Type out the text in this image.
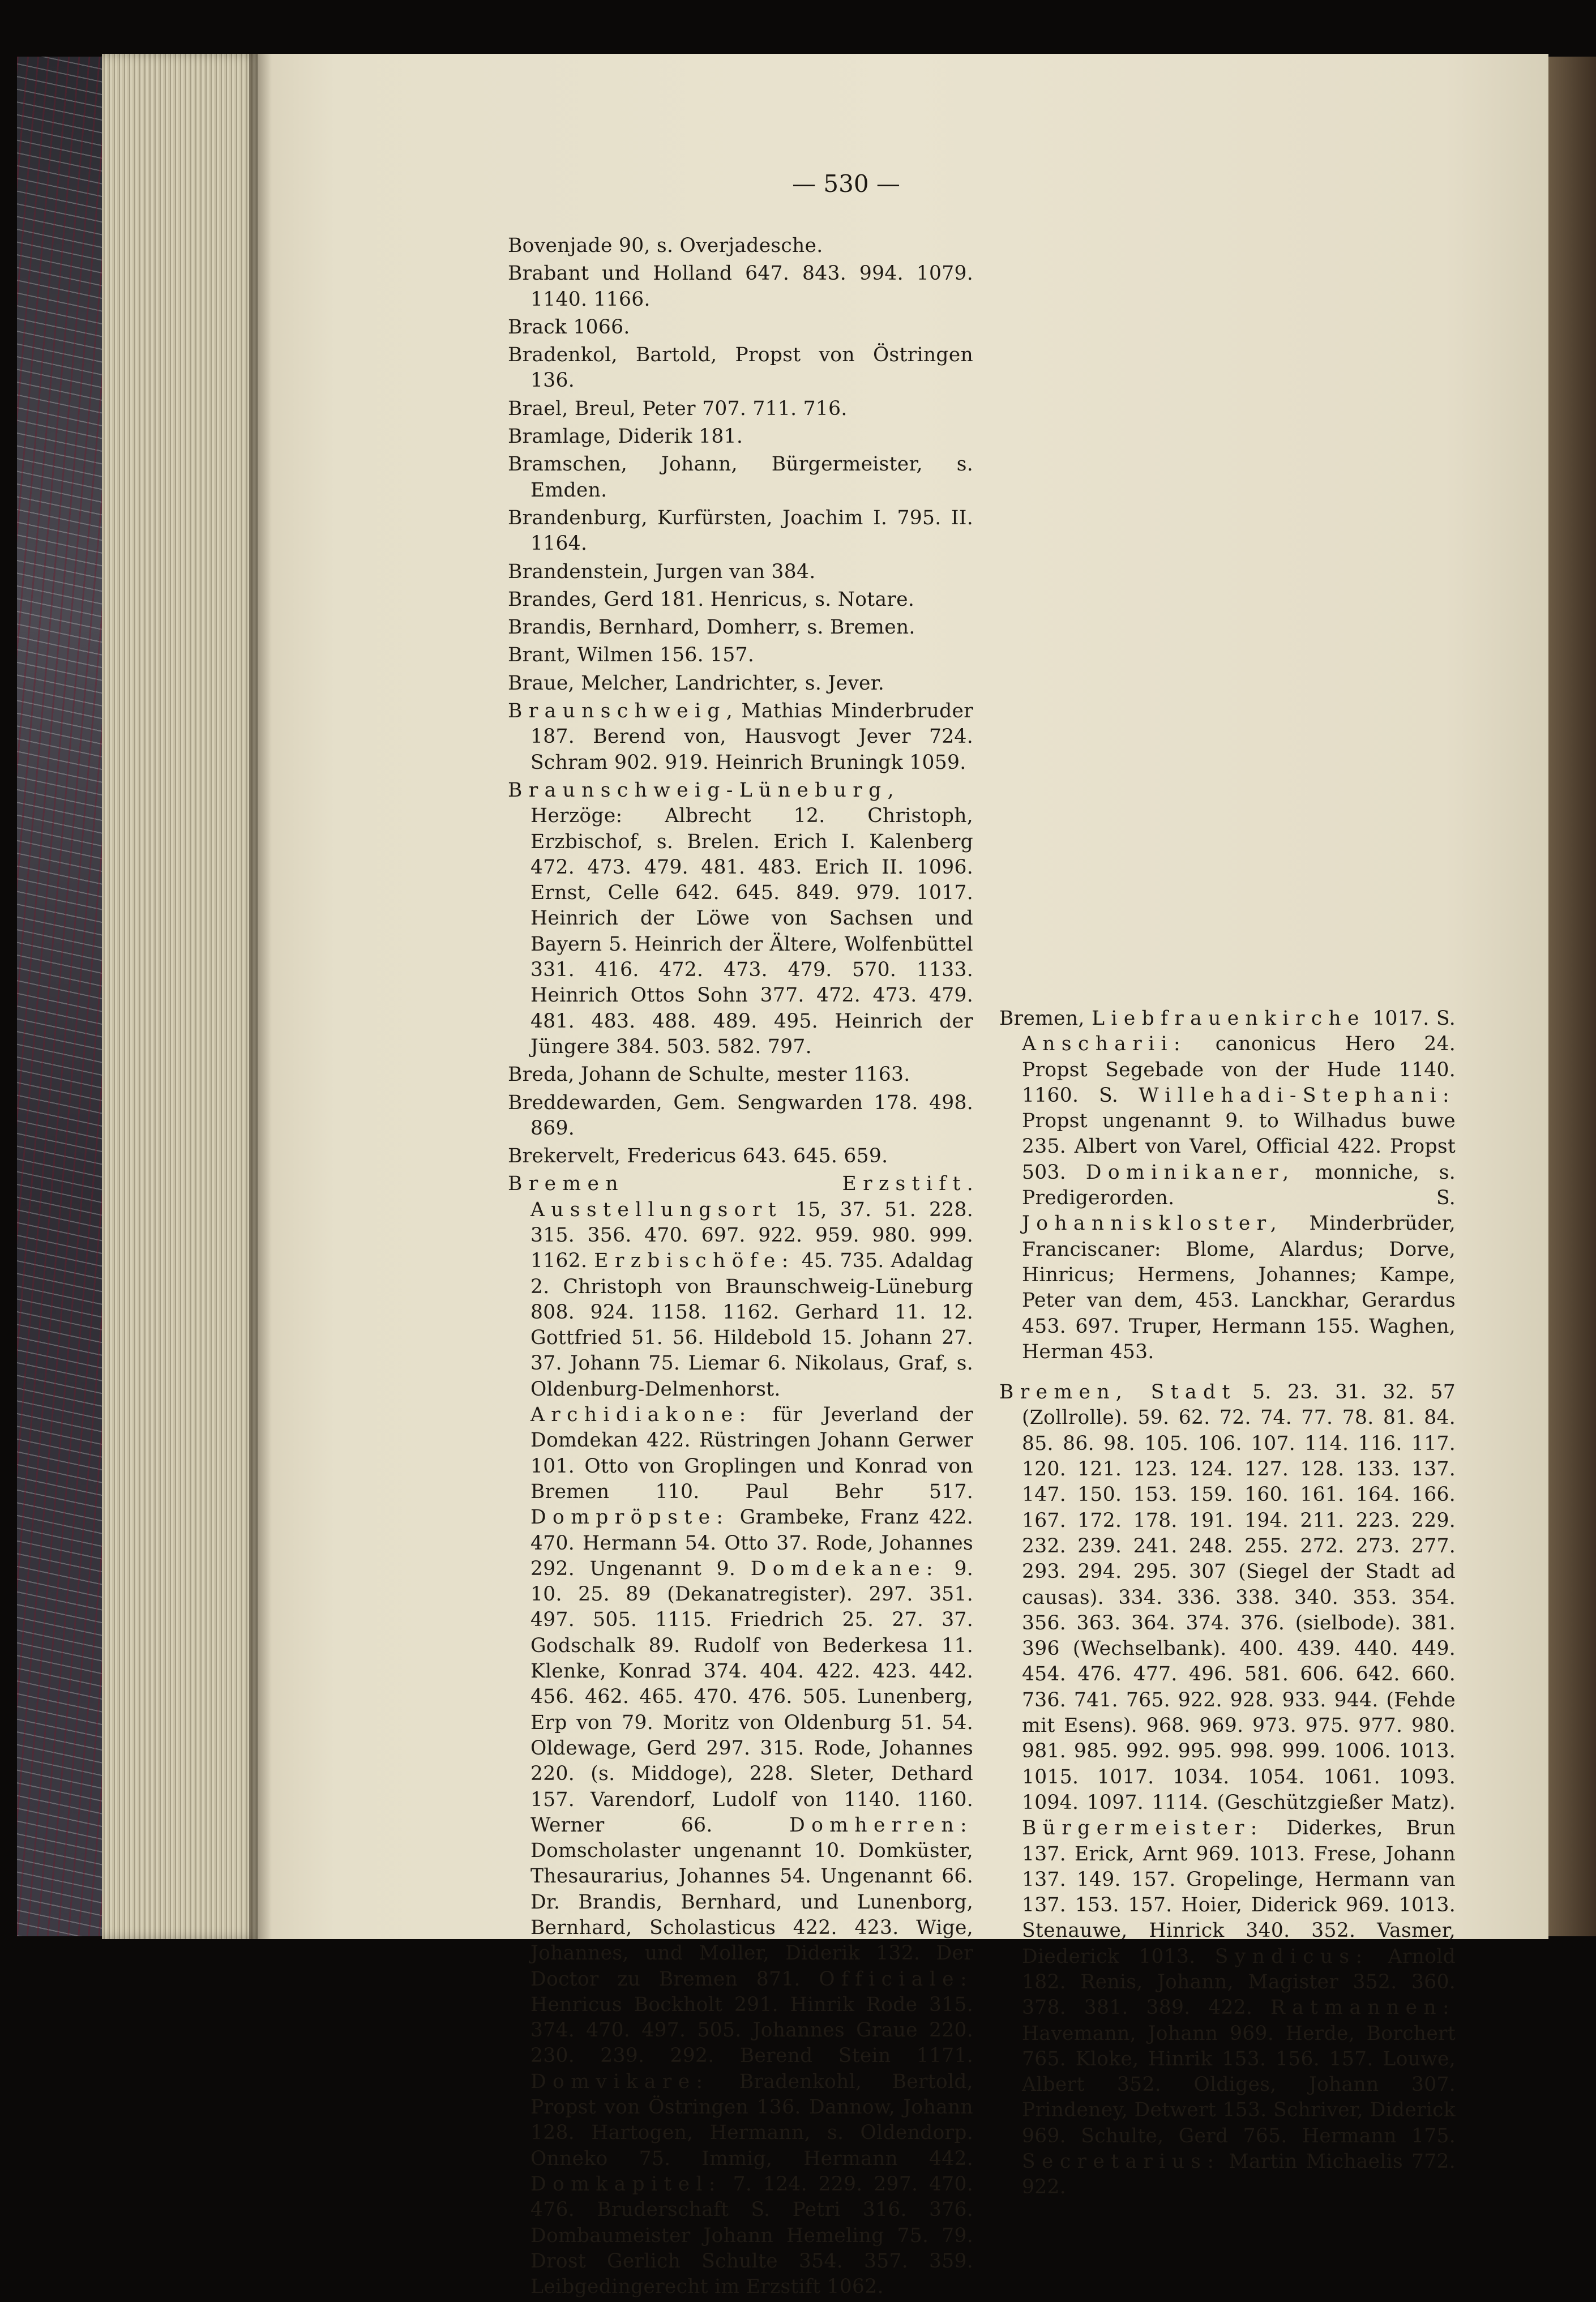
— 530 —

Bovenjade 90, s. Overjadesche.

Brabant und Holland 647. 843. 994. 1079. 1140. 1166.

Brack 1066.

Bradenkol, Bartold, Propst von Östringen 136.

Brael, Breul, Peter 707. 711. 716.

Bramlage, Diderik 181.

Bramschen, Johann, Bürgermeister, s. Emden.

Brandenburg, Kurfürsten, Joachim I. 795. II. 1164.

Brandenstein, Jurgen van 384.

Brandes, Gerd 181. Henricus, s. Notare.

Brandis, Bernhard, Domherr, s. Bremen.

Brant, Wilmen 156. 157.

Braue, Melcher, Landrichter, s. Jever.

Braunschweig, Mathias Minderbruder 187. Berend von, Hausvogt Jever 724. Schram 902. 919. Heinrich Bruningk 1059.

Braunschweig-Lüneburg, Herzöge: Albrecht 12. Christoph, Erzbischof, s. Brelen. Erich I. Kalenberg 472. 473. 479. 481. 483. Erich II. 1096. Ernst, Celle 642. 645. 849. 979. 1017. Heinrich der Löwe von Sachsen und Bayern 5. Heinrich der Ältere, Wolfenbüttel 331. 416. 472. 473. 479. 570. 1133. Heinrich Ottos Sohn 377. 472. 473. 479. 481. 483. 488. 489. 495. Heinrich der Jüngere 384. 503. 582. 797.

Breda, Johann de Schulte, mester 1163.

Breddewarden, Gem. Sengwarden 178. 498. 869.

Brekervelt, Fredericus 643. 645. 659.

Bremen Erzstift. Ausstellungsort 15, 37. 51. 228. 315. 356. 470. 697. 922. 959. 980. 999. 1162. Erzbischöfe: 45. 735. Adaldag 2. Christoph von Braunschweig-Lüneburg 808. 924. 1158. 1162. Gerhard 11. 12. Gottfried 51. 56. Hildebold 15. Johann 27. 37. Johann 75. Liemar 6. Nikolaus, Graf, s. Oldenburg-Delmenhorst. Archidiakone: für Jeverland der Domdekan 422. Rüstringen Johann Gerwer 101. Otto von Groplingen und Konrad von Bremen 110. Paul Behr 517. Dompröpste: Grambeke, Franz 422. 470. Hermann 54. Otto 37. Rode, Johannes 292. Ungenannt 9. Domdekane: 9. 10. 25. 89 (Dekanatregister). 297. 351. 497. 505. 1115. Friedrich 25. 27. 37. Godschalk 89. Rudolf von Bederkesa 11. Klenke, Konrad 374. 404. 422. 423. 442. 456. 462. 465. 470. 476. 505. Lunenberg, Erp von 79. Moritz von Oldenburg 51. 54. Oldewage, Gerd 297. 315. Rode, Johannes 220. (s. Middoge), 228. Sleter, Dethard 157. Varendorf, Ludolf von 1140. 1160. Werner 66.	Domherren: Domscholaster ungenannt 10. Domküster, Thesaurarius, Johannes 54. Ungenannt 66. Dr. Brandis, Bernhard, und Lunenborg, Bernhard, Scholasticus 422. 423. Wige, Johannes, und Moller, Diderik 132. Der Doctor zu Bremen 871. Officiale: Henricus Bockholt 291. Hinrik Rode 315. 374. 470. 497. 505. Johannes Graue 220. 230. 239. 292. Berend Stein 1171. Domvikare: Bradenkohl, Bertold, Propst von Östringen 136. Dannow, Johann 128. Hartogen, Hermann, s. Oldendorp. Onneko 75. Immig, Hermann 442. Domkapitel: 7. 124. 229. 297. 470. 476. Bruderschaft S. Petri 316. 376. Dombaumeister Johann Hemeling 75. 79. Drost Gerlich Schulte 354. 357. 359. Leibgedingerecht im Erzstift 1062.

Bremen, Liebfrauenkirche 1017. S. Anscharii: canonicus Hero 24. Propst Segebade von der Hude 1140. 1160. S. Willehadi-Stephani: Propst ungenannt 9. to Wilhadus buwe 235. Albert von Varel, Official 422. Propst 503. Dominikaner, monniche, s. Predigerorden. S. Johanniskloster, Minderbrüder, Franciscaner: Blome, Alardus; Dorve, Hinricus; Hermens, Johannes; Kampe, Peter van dem, 453. Lanckhar, Gerardus 453. 697. Truper, Hermann 155. Waghen, Herman 453.

Bremen, Stadt 5. 23. 31. 32. 57 (Zollrolle). 59. 62. 72. 74. 77. 78. 81. 84. 85. 86. 98. 105. 106. 107. 114. 116. 117. 120. 121. 123. 124. 127. 128. 133. 137. 147. 150. 153. 159. 160. 161. 164. 166. 167. 172. 178. 191. 194. 211. 223. 229. 232. 239. 241. 248. 255. 272. 273. 277. 293. 294. 295. 307 (Siegel der Stadt ad causas). 334. 336. 338. 340. 353. 354. 356. 363. 364. 374. 376. (sielbode). 381. 396 (Wechselbank). 400. 439. 440. 449. 454. 476. 477. 496. 581. 606. 642. 660. 736. 741. 765. 922. 928. 933. 944. (Fehde mit Esens). 968. 969. 973. 975. 977. 980. 981. 985. 992. 995. 998. 999. 1006. 1013. 1015. 1017. 1034. 1054. 1061. 1093. 1094. 1097. 1114. (Geschützgießer Matz). Bürgermeister: Diderkes, Brun 137. Erick, Arnt 969. 1013. Frese, Johann 137. 149. 157. Gropelinge, Hermann van 137. 153. 157. Hoier, Diderick 969. 1013. Stenauwe, Hinrick 340. 352. Vasmer, Diederick 1013. Syndicus: Arnold 182. Renis, Johann, Magister 352. 360. 378. 381. 389. 422. Ratmannen: Havemann, Johann 969. Herde, Borchert 765. Kloke, Hinrik 153. 156. 157. Louwe, Albert 352. Oldiges, Johann 307. Prindeney, Detwert 153. Schriver, Diderick 969. Schulte, Gerd 765. Hermann 175. Secretarius: Martin Michaelis 772. 922.
